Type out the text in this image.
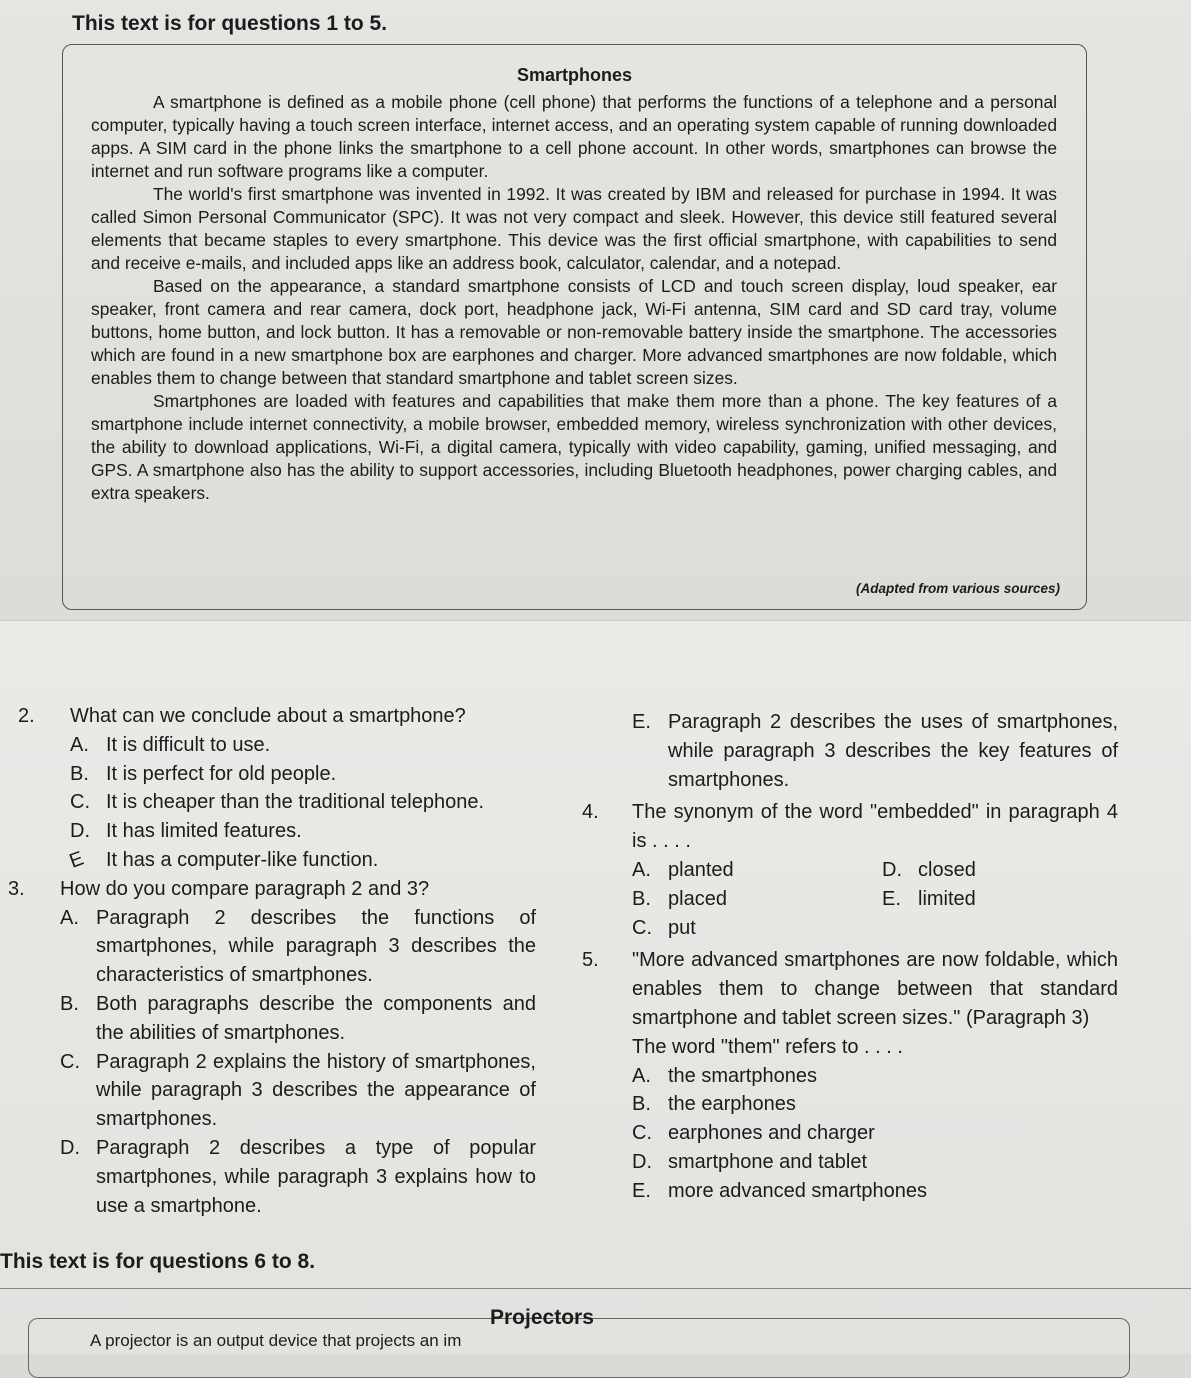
This text is for questions 1 to 5.

Smartphones

A smartphone is defined as a mobile phone (cell phone) that performs the functions of a telephone and a personal computer, typically having a touch screen interface, internet access, and an operating system capable of running downloaded apps. A SIM card in the phone links the smartphone to a cell phone account. In other words, smartphones can browse the internet and run software programs like a computer.

The world's first smartphone was invented in 1992. It was created by IBM and released for purchase in 1994. It was called Simon Personal Communicator (SPC). It was not very compact and sleek. However, this device still featured several elements that became staples to every smartphone. This device was the first official smartphone, with capabilities to send and receive e-mails, and included apps like an address book, calculator, calendar, and a notepad.

Based on the appearance, a standard smartphone consists of LCD and touch screen display, loud speaker, ear speaker, front camera and rear camera, dock port, headphone jack, Wi-Fi antenna, SIM card and SD card tray, volume buttons, home button, and lock button. It has a removable or non-removable battery inside the smartphone. The accessories which are found in a new smartphone box are earphones and charger. More advanced smartphones are now foldable, which enables them to change between that standard smartphone and tablet screen sizes.

Smartphones are loaded with features and capabilities that make them more than a phone. The key features of a smartphone include internet connectivity, a mobile browser, embedded memory, wireless synchronization with other devices, the ability to download applications, Wi-Fi, a digital camera, typically with video capability, gaming, unified messaging, and GPS. A smartphone also has the ability to support accessories, including Bluetooth headphones, power charging cables, and extra speakers.

(Adapted from various sources)
2.	What can we conclude about a smartphone?
A. It is difficult to use.
B. It is perfect for old people.
C. It is cheaper than the traditional telephone.
D. It has limited features.
E It has a computer-like function.
3.	How do you compare paragraph 2 and 3?
A. Paragraph 2 describes the functions of smartphones, while paragraph 3 describes the characteristics of smartphones.
B. Both paragraphs describe the components and the abilities of smartphones.
C. Paragraph 2 explains the history of smartphones, while paragraph 3 describes the appearance of smartphones.
D. Paragraph 2 describes a type of popular smartphones, while paragraph 3 explains how to use a smartphone.
E. Paragraph 2 describes the uses of smartphones, while paragraph 3 describes the key features of smartphones.
4.	The synonym of the word "embedded" in paragraph 4 is . . . .
A. planted	D. closed
B. placed	E. limited
C. put
5.	"More advanced smartphones are now foldable, which enables them to change between that standard smartphone and tablet screen sizes." (Paragraph 3)
The word "them" refers to . . . .
A. the smartphones
B. the earphones
C. earphones and charger
D. smartphone and tablet
E. more advanced smartphones

This text is for questions 6 to 8.

Projectors

A projector is an output device that projects an im
